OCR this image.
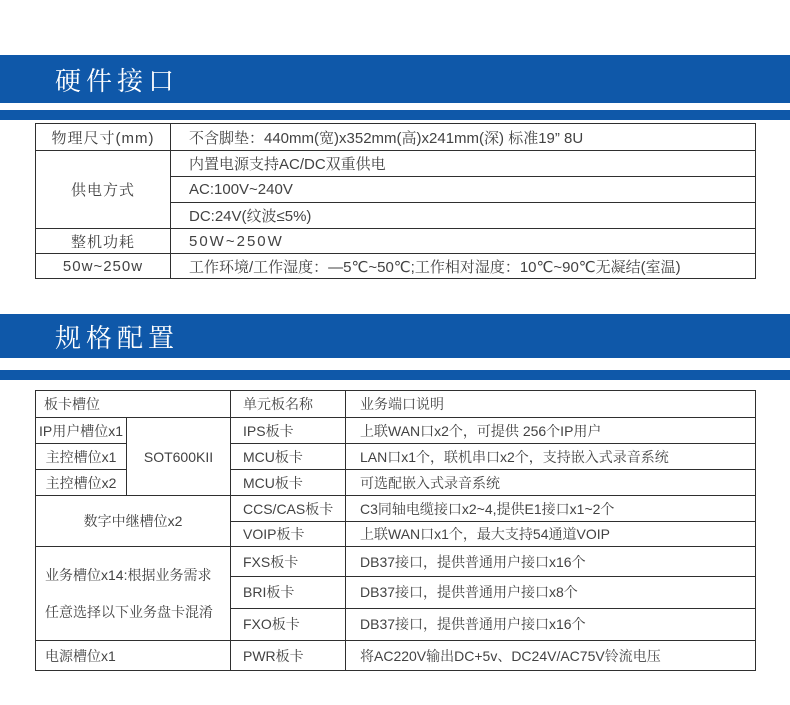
硬件接口
物理尺寸(mm)	不含脚垫：440mm(宽)x352mm(高)x241mm(深) 标准19” 8U
供电方式	内置电源支持AC/DC双重供电
	AC:100V~240V
	DC:24V(纹波≤5%)
整机功耗	50W~250W
50w~250w	工作环境/工作湿度：—5℃~50℃;工作相对湿度：10℃~90℃无凝结(室温)
规格配置
板卡槽位		单元板名称	业务端口说明
IP用户槽位x1	SOT600KII	IPS板卡	上联WAN口x2个，可提供 256个IP用户
主控槽位x1		MCU板卡	LAN口x1个，联机串口x2个，支持嵌入式录音系统
主控槽位x2		MCU板卡	可选配嵌入式录音系统
数字中继槽位x2		CCS/CAS板卡	C3同轴电缆接口x2~4,提供E1接口x1~2个
		VOIP板卡	上联WAN口x1个，最大支持54通道VOIP

业务槽位x14:根据业务需求
任意选择以下业务盘卡混淆		FXS板卡	DB37接口，提供普通用户接口x16个
		BRI板卡	DB37接口，提供普通用户接口x8个
		FXO板卡	DB37接口，提供普通用户接口x16个
电源槽位x1		PWR板卡	将AC220V输出DC+5v、DC24V/AC75V铃流电压
